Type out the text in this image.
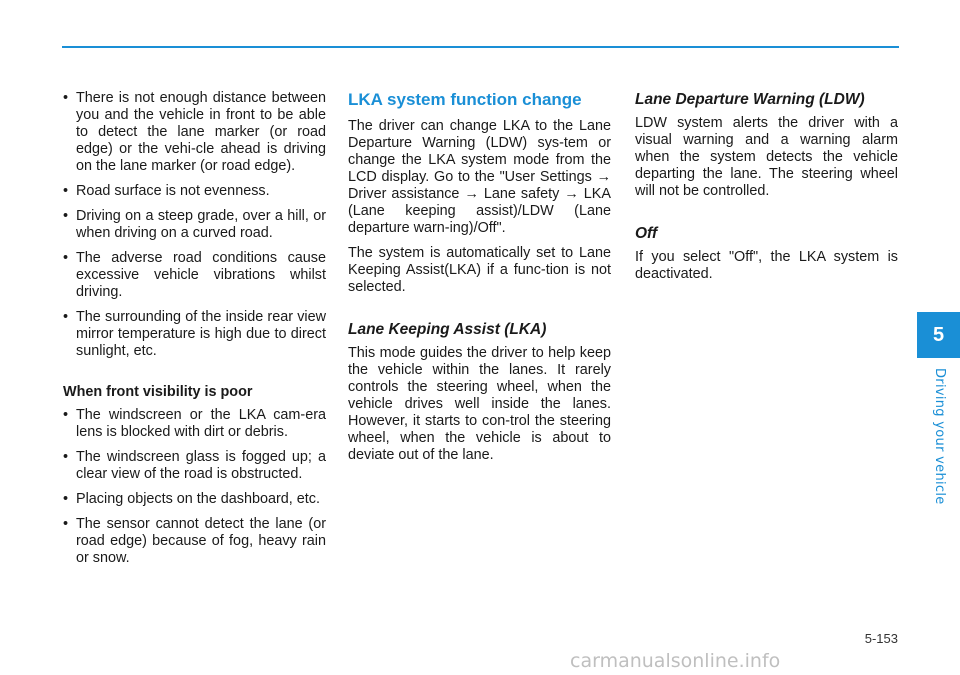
• There is not enough distance between you and the vehicle in front to be able to detect the lane marker (or road edge) or the vehi-cle ahead is driving on the lane marker (or road edge).
• Road surface is not evenness.
• Driving on a steep grade, over a hill, or when driving on a curved road.
• The adverse road conditions cause excessive vehicle vibrations whilst driving.
• The surrounding of the inside rear view mirror temperature is high due to direct sunlight, etc.
When front visibility is poor
• The windscreen or the LKA cam-era lens is blocked with dirt or debris.
• The windscreen glass is fogged up; a clear view of the road is obstructed.
• Placing objects on the dashboard, etc.
• The sensor cannot detect the lane (or road edge) because of fog, heavy rain or snow.
LKA system function change

The driver can change LKA to the Lane Departure Warning (LDW) sys-tem or change the LKA system mode from the LCD display. Go to the "User Settings → Driver assistance → Lane safety → LKA (Lane keeping assist)/LDW (Lane departure warn-ing)/Off".

The system is automatically set to Lane Keeping Assist(LKA) if a func-tion is not selected.

Lane Keeping Assist (LKA)

This mode guides the driver to help keep the vehicle within the lanes. It rarely controls the steering wheel, when the vehicle drives well inside the lanes. However, it starts to con-trol the steering wheel, when the vehicle is about to deviate out of the lane.

Lane Departure Warning (LDW)

LDW system alerts the driver with a visual warning and a warning alarm when the system detects the vehicle departing the lane. The steering wheel will not be controlled.

Off

If you select "Off", the LKA system is deactivated.

5
Driving your vehicle
5-153
carmanualsonline.info
